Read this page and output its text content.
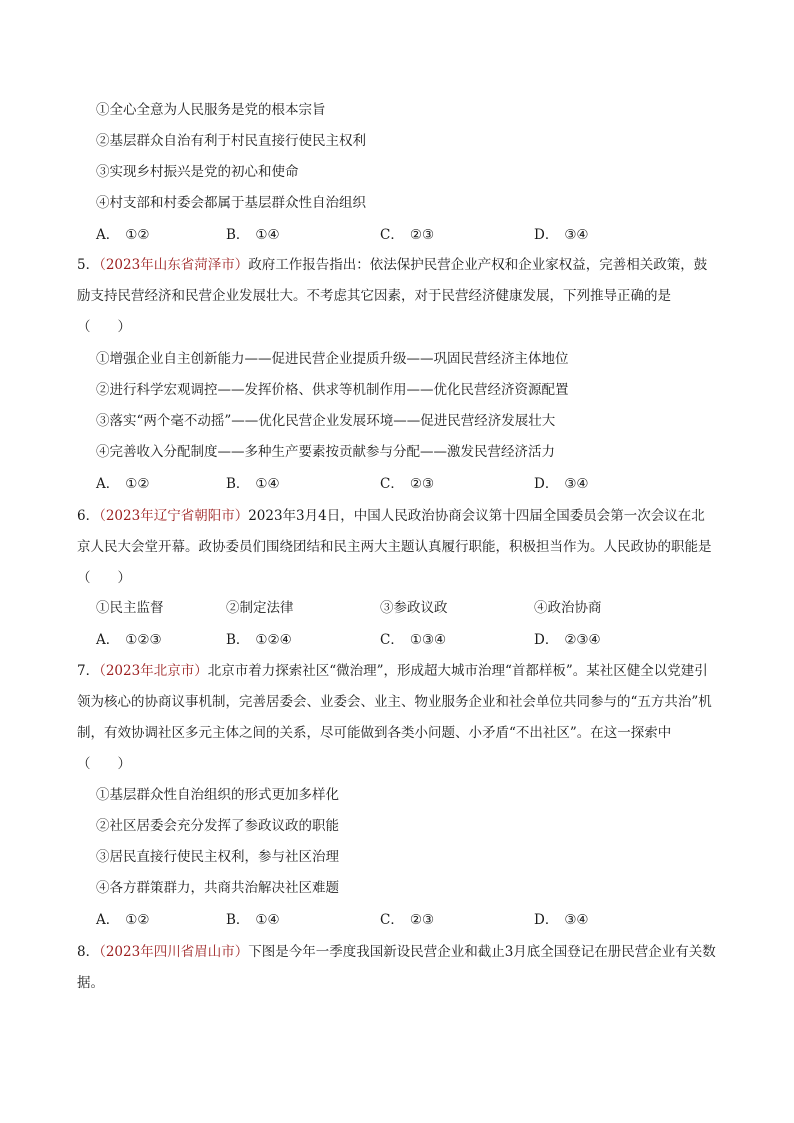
①全心全意为人民服务是党的根本宗旨
②基层群众自治有利于村民直接行使民主权利
③实现乡村振兴是党的初心和使命
④村支部和村委会都属于基层群众性自治组织
A． ①②	B． ①④	C． ②③	D． ③④
5．（2023年山东省菏泽市）政府工作报告指出：依法保护民营企业产权和企业家权益，完善相关政策，鼓励支持民营经济和民营企业发展壮大。不考虑其它因素，对于民营经济健康发展，下列推导正确的是（　　）
①增强企业自主创新能力——促进民营企业提质升级——巩固民营经济主体地位
②进行科学宏观调控——发挥价格、供求等机制作用——优化民营经济资源配置
③落实“两个毫不动摇”——优化民营企业发展环境——促进民营经济发展壮大
④完善收入分配制度——多种生产要素按贡献参与分配——激发民营经济活力
A． ①②	B． ①④	C． ②③	D． ③④
6．（2023年辽宁省朝阳市）2023年3月4日，中国人民政治协商会议第十四届全国委员会第一次会议在北京人民大会堂开幕。政协委员们围绕团结和民主两大主题认真履行职能，积极担当作为。人民政协的职能是（　　）
①民主监督	②制定法律	③参政议政	④政治协商
A． ①②③	B． ①②④	C． ①③④	D． ②③④
7．（2023年北京市）北京市着力探索社区“微治理”，形成超大城市治理“首都样板”。某社区健全以党建引领为核心的协商议事机制，完善居委会、业委会、业主、物业服务企业和社会单位共同参与的“五方共治”机制，有效协调社区多元主体之间的关系，尽可能做到各类小问题、小矛盾“不出社区”。在这一探索中（　　）
①基层群众性自治组织的形式更加多样化
②社区居委会充分发挥了参政议政的职能
③居民直接行使民主权利，参与社区治理
④各方群策群力，共商共治解决社区难题
A． ①②	B． ①④	C． ②③	D． ③④
8．（2023年四川省眉山市）下图是今年一季度我国新设民营企业和截止3月底全国登记在册民营企业有关数据。
